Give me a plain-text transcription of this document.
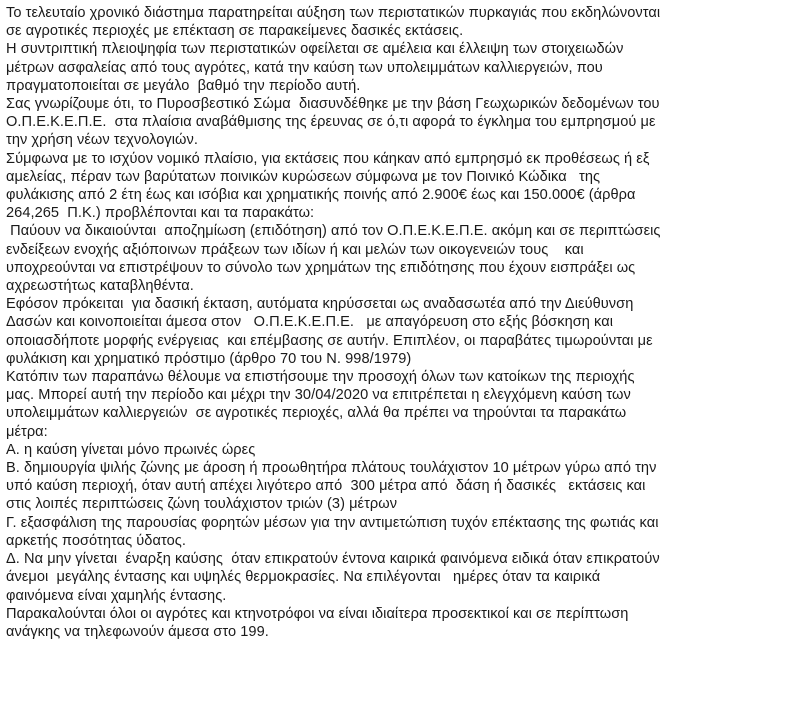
Το τελευταίο χρονικό διάστημα παρατηρείται αύξηση των περιστατικών πυρκαγιάς που εκδηλώνονται
σε αγροτικές περιοχές με επέκταση σε παρακείμενες δασικές εκτάσεις.
Η συντριπτική πλειοψηφία των περιστατικών οφείλεται σε αμέλεια και έλλειψη των στοιχειωδών
μέτρων ασφαλείας από τους αγρότες, κατά την καύση των υπολειμμάτων καλλιεργειών, που
πραγματοποιείται σε μεγάλο  βαθμό την περίοδο αυτή.
Σας γνωρίζουμε ότι, το Πυροσβεστικό Σώμα  διασυνδέθηκε με την βάση Γεωχωρικών δεδομένων του
Ο.Π.Ε.Κ.Ε.Π.Ε.  στα πλαίσια αναβάθμισης της έρευνας σε ό,τι αφορά το έγκλημα του εμπρησμού με
την χρήση νέων τεχνολογιών.
Σύμφωνα με το ισχύον νομικό πλαίσιο, για εκτάσεις που κάηκαν από εμπρησμό εκ προθέσεως ή εξ
αμελείας, πέραν των βαρύτατων ποινικών κυρώσεων σύμφωνα με τον Ποινικό Κώδικα   της
φυλάκισης από 2 έτη έως και ισόβια και χρηματικής ποινής από 2.900€ έως και 150.000€ (άρθρα
264,265  Π.Κ.) προβλέπονται και τα παρακάτω:
Παύουν να δικαιούνται  αποζημίωση (επιδότηση) από τον Ο.Π.Ε.Κ.Ε.Π.Ε. ακόμη και σε περιπτώσεις
ενδείξεων ενοχής αξιόποινων πράξεων των ιδίων ή και μελών των οικογενειών τους    και
υποχρεούνται να επιστρέψουν το σύνολο των χρημάτων της επιδότησης που έχουν εισπράξει ως
αχρεωστήτως καταβληθέντα.
Εφόσον πρόκειται  για δασική έκταση, αυτόματα κηρύσσεται ως αναδασωτέα από την Διεύθυνση
Δασών και κοινοποιείται άμεσα στον   Ο.Π.Ε.Κ.Ε.Π.Ε.   με απαγόρευση στο εξής βόσκηση και
οποιασδήποτε μορφής ενέργειας  και επέμβασης σε αυτήν. Επιπλέον, οι παραβάτες τιμωρούνται με
φυλάκιση και χρηματικό πρόστιμο (άρθρο 70 του Ν. 998/1979)
Κατόπιν των παραπάνω θέλουμε να επιστήσουμε την προσοχή όλων των κατοίκων της περιοχής
μας. Μπορεί αυτή την περίοδο και μέχρι την 30/04/2020 να επιτρέπεται η ελεγχόμενη καύση των
υπολειμμάτων καλλιεργειών  σε αγροτικές περιοχές, αλλά θα πρέπει να τηρούνται τα παρακάτω
μέτρα:
Α. η καύση γίνεται μόνο πρωινές ώρες
Β. δημιουργία ψιλής ζώνης με άροση ή προωθητήρα πλάτους τουλάχιστον 10 μέτρων γύρω από την
υπό καύση περιοχή, όταν αυτή απέχει λιγότερο από  300 μέτρα από  δάση ή δασικές   εκτάσεις και
στις λοιπές περιπτώσεις ζώνη τουλάχιστον τριών (3) μέτρων
Γ. εξασφάλιση της παρουσίας φορητών μέσων για την αντιμετώπιση τυχόν επέκτασης της φωτιάς και
αρκετής ποσότητας ύδατος.
Δ. Να μην γίνεται  έναρξη καύσης  όταν επικρατούν έντονα καιρικά φαινόμενα ειδικά όταν επικρατούν
άνεμοι  μεγάλης έντασης και υψηλές θερμοκρασίες. Να επιλέγονται   ημέρες όταν τα καιρικά
φαινόμενα είναι χαμηλής έντασης.
Παρακαλούνται όλοι οι αγρότες και κτηνοτρόφοι να είναι ιδιαίτερα προσεκτικοί και σε περίπτωση
ανάγκης να τηλεφωνούν άμεσα στο 199.
